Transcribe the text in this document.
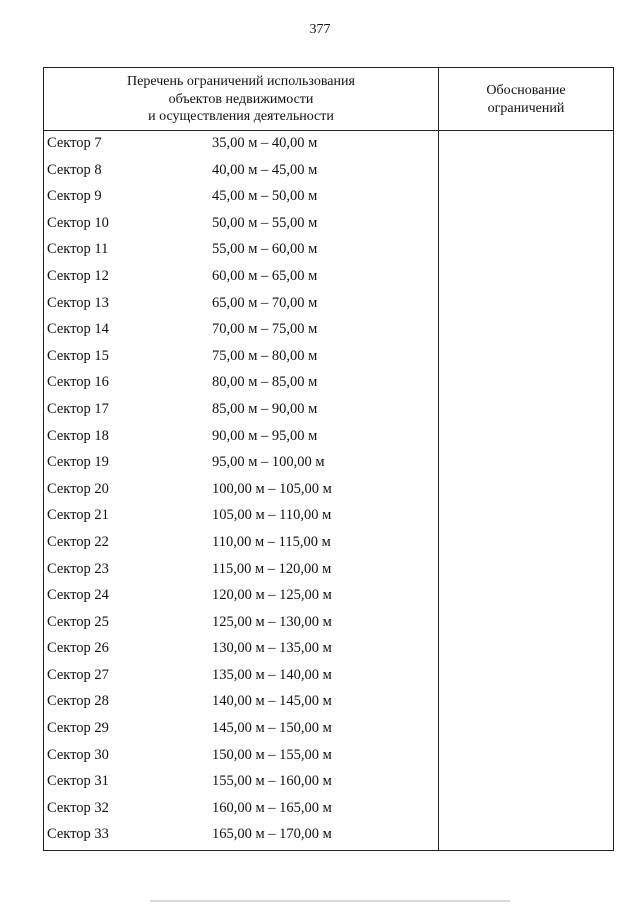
377
Перечень ограничений использования
объектов недвижимости
и осуществления деятельности
Обоснование
ограничений
Сектор 7	35,00 м – 40,00 м
Сектор 8	40,00 м – 45,00 м
Сектор 9	45,00 м – 50,00 м
Сектор 10	50,00 м – 55,00 м
Сектор 11	55,00 м – 60,00 м
Сектор 12	60,00 м – 65,00 м
Сектор 13	65,00 м – 70,00 м
Сектор 14	70,00 м – 75,00 м
Сектор 15	75,00 м – 80,00 м
Сектор 16	80,00 м – 85,00 м
Сектор 17	85,00 м – 90,00 м
Сектор 18	90,00 м – 95,00 м
Сектор 19	95,00 м – 100,00 м
Сектор 20	100,00 м – 105,00 м
Сектор 21	105,00 м – 110,00 м
Сектор 22	110,00 м – 115,00 м
Сектор 23	115,00 м – 120,00 м
Сектор 24	120,00 м – 125,00 м
Сектор 25	125,00 м – 130,00 м
Сектор 26	130,00 м – 135,00 м
Сектор 27	135,00 м – 140,00 м
Сектор 28	140,00 м – 145,00 м
Сектор 29	145,00 м – 150,00 м
Сектор 30	150,00 м – 155,00 м
Сектор 31	155,00 м – 160,00 м
Сектор 32	160,00 м – 165,00 м
Сектор 33	165,00 м – 170,00 м
